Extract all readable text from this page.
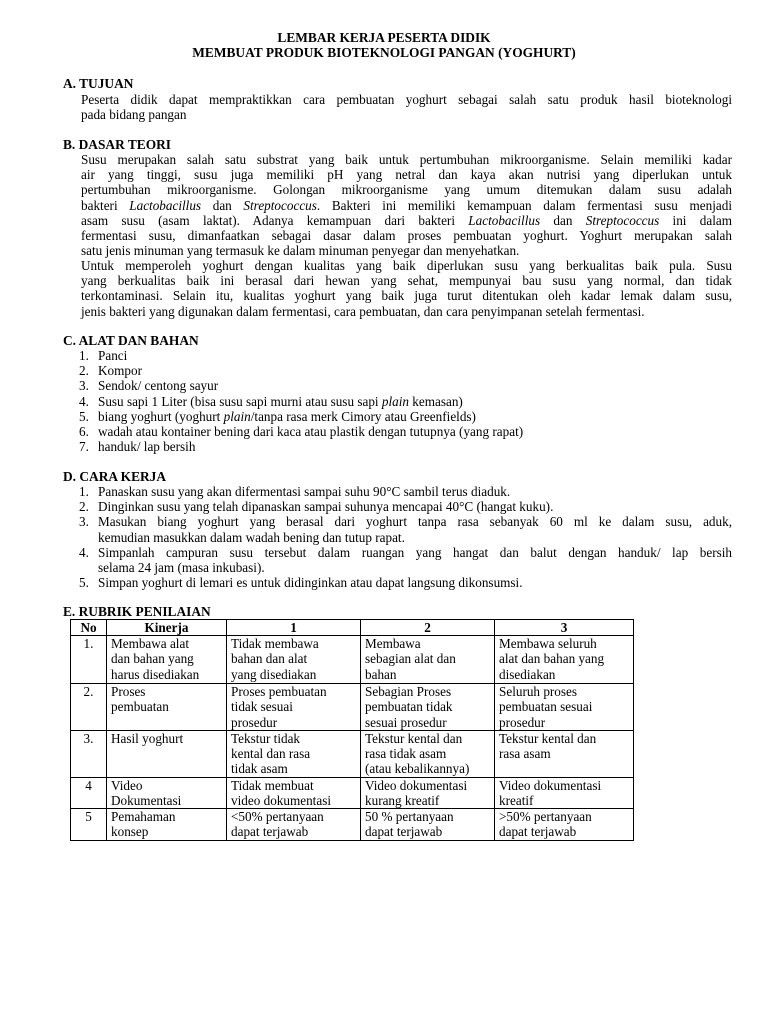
LEMBAR KERJA PESERTA DIDIK
MEMBUAT PRODUK BIOTEKNOLOGI PANGAN (YOGHURT)
A. TUJUAN
Peserta didik dapat mempraktikkan cara pembuatan yoghurt sebagai salah satu produk hasil bioteknologi
pada bidang pangan
B. DASAR TEORI
Susu merupakan salah satu substrat yang baik untuk pertumbuhan mikroorganisme. Selain memiliki kadar
air yang tinggi, susu juga memiliki pH yang netral dan kaya akan nutrisi yang diperlukan untuk
pertumbuhan mikroorganisme. Golongan mikroorganisme yang umum ditemukan dalam susu adalah
bakteri Lactobacillus dan Streptococcus. Bakteri ini memiliki kemampuan dalam fermentasi susu menjadi
asam susu (asam laktat). Adanya kemampuan dari bakteri Lactobacillus dan Streptococcus ini dalam
fermentasi susu, dimanfaatkan sebagai dasar dalam proses pembuatan yoghurt. Yoghurt merupakan salah
satu jenis minuman yang termasuk ke dalam minuman penyegar dan menyehatkan.
Untuk memperoleh yoghurt dengan kualitas yang baik diperlukan susu yang berkualitas baik pula. Susu
yang berkualitas baik ini berasal dari hewan yang sehat, mempunyai bau susu yang normal, dan tidak
terkontaminasi. Selain itu, kualitas yoghurt yang baik juga turut ditentukan oleh kadar lemak dalam susu,
jenis bakteri yang digunakan dalam fermentasi, cara pembuatan, dan cara penyimpanan setelah fermentasi.
C. ALAT DAN BAHAN
1. Panci
2. Kompor
3. Sendok/ centong sayur
4. Susu sapi 1 Liter (bisa susu sapi murni atau susu sapi plain kemasan)
5. biang yoghurt (yoghurt plain/tanpa rasa merk Cimory atau Greenfields)
6. wadah atau kontainer bening dari kaca atau plastik dengan tutupnya (yang rapat)
7. handuk/ lap bersih
D. CARA KERJA
1. Panaskan susu yang akan difermentasi sampai suhu 90°C sambil terus diaduk.
2. Dinginkan susu yang telah dipanaskan sampai suhunya mencapai 40°C (hangat kuku).
3. Masukan biang yoghurt yang berasal dari yoghurt tanpa rasa sebanyak 60 ml ke dalam susu, aduk,
kemudian masukkan dalam wadah bening dan tutup rapat.
4. Simpanlah campuran susu tersebut dalam ruangan yang hangat dan balut dengan handuk/ lap bersih
selama 24 jam (masa inkubasi).
5. Simpan yoghurt di lemari es untuk didinginkan atau dapat langsung dikonsumsi.
E. RUBRIK PENILAIAN
No	Kinerja	1	2	3
1.	Membawa alat
dan bahan yang
harus disediakan	Tidak membawa
bahan dan alat
yang disediakan	Membawa
sebagian alat dan
bahan	Membawa seluruh
alat dan bahan yang
disediakan

2.	Proses
pembuatan	Proses pembuatan
tidak sesuai
prosedur	Sebagian Proses
pembuatan tidak
sesuai prosedur	Seluruh proses
pembuatan sesuai
prosedur

3.	Hasil yoghurt	Tekstur tidak
kental dan rasa
tidak asam	Tekstur kental dan
rasa tidak asam
(atau kebalikannya)	Tekstur kental dan
rasa asam

4	Video
Dokumentasi	Tidak membuat
video dokumentasi	Video dokumentasi
kurang kreatif	Video dokumentasi
kreatif

5	Pemahaman
konsep	<50% pertanyaan
dapat terjawab	50 % pertanyaan
dapat terjawab	>50% pertanyaan
dapat terjawab
